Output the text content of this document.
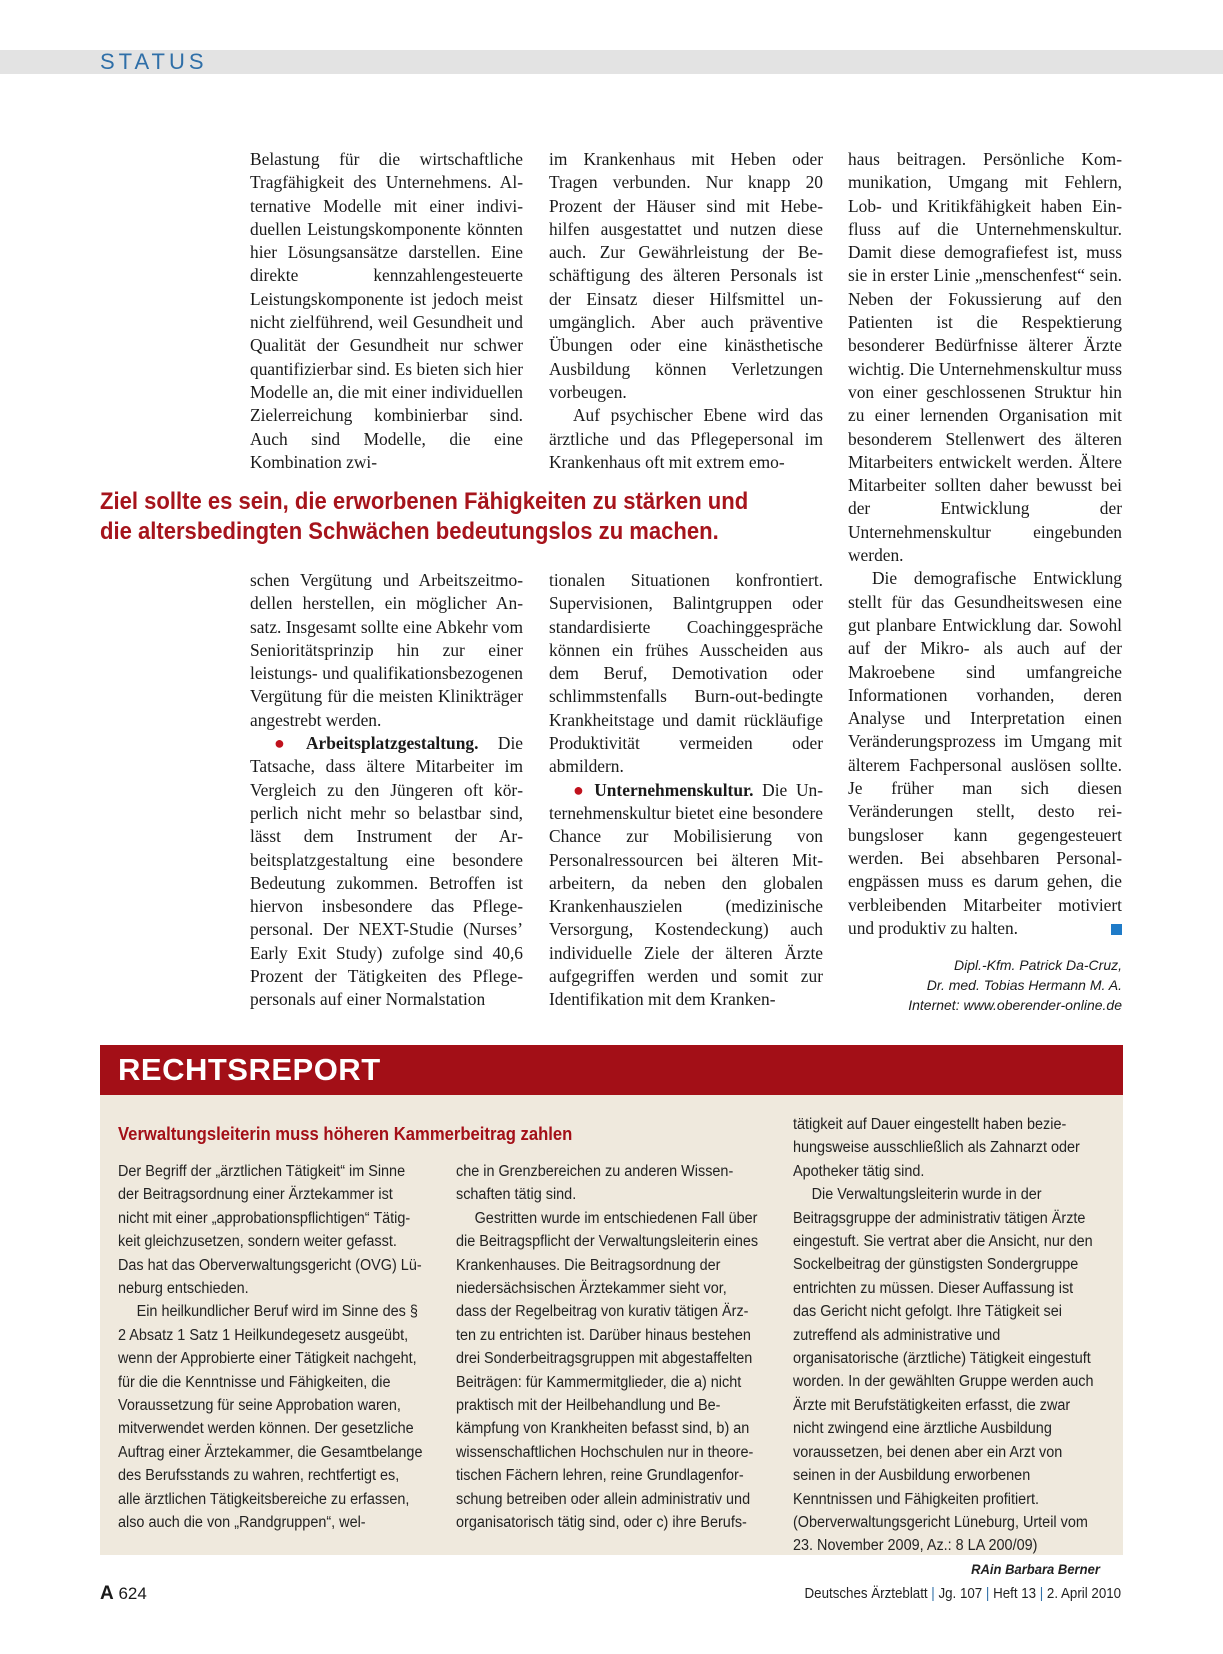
STATUS

Belastung für die wirtschaftliche Tragfähigkeit des Unternehmens. Alternative Modelle mit einer individuellen Leistungskomponente könnten hier Lösungsansätze darstellen. Eine direkte kennzahlengesteuerte Leistungskomponente ist jedoch meist nicht zielführend, weil Gesundheit und Qualität der Gesundheit nur schwer quantifizierbar sind. Es bieten sich hier Modelle an, die mit einer individuellen Zielerreichung kombinierbar sind. Auch sind Modelle, die eine Kombination zwi-

schen Vergütung und Arbeitszeitmodellen herstellen, ein möglicher Ansatz. Insgesamt sollte eine Abkehr vom Senioritätsprinzip hin zur einer leistungs- und qualifikationsbezogenen Vergütung für die meisten Klinikträger angestrebt werden.

● Arbeitsplatzgestaltung. Die Tatsache, dass ältere Mitarbeiter im Vergleich zu den Jüngeren oft körperlich nicht mehr so belastbar sind, lässt dem Instrument der Arbeitsplatzgestaltung eine besondere Bedeutung zukommen. Betroffen ist hiervon insbesondere das Pflegepersonal. Der NEXT-Studie (Nurses’ Early Exit Study) zufolge sind 40,6 Prozent der Tätigkeiten des Pflegepersonals auf einer Normalstation

im Krankenhaus mit Heben oder Tragen verbunden. Nur knapp 20 Prozent der Häuser sind mit Hebehilfen ausgestattet und nutzen diese auch. Zur Gewährleistung der Beschäftigung des älteren Personals ist der Einsatz dieser Hilfsmittel unumgänglich. Aber auch präventive Übungen oder eine kinästhetische Ausbildung können Verletzungen vorbeugen.

Auf psychischer Ebene wird das ärztliche und das Pflegepersonal im Krankenhaus oft mit extrem emo-

tionalen Situationen konfrontiert. Supervisionen, Balintgruppen oder standardisierte Coachinggespräche können ein frühes Ausscheiden aus dem Beruf, Demotivation oder schlimmstenfalls Burn-out-bedingte Krankheitstage und damit rückläufige Produktivität vermeiden oder abmildern.

● Unternehmenskultur. Die Unternehmenskultur bietet eine besondere Chance zur Mobilisierung von Personalressourcen bei älteren Mitarbeitern, da neben den globalen Krankenhauszielen (medizinische Versorgung, Kostendeckung) auch individuelle Ziele der älteren Ärzte aufgegriffen werden und somit zur Identifikation mit dem Kranken-

haus beitragen. Persönliche Kommunikation, Umgang mit Fehlern, Lob- und Kritikfähigkeit haben Einfluss auf die Unternehmenskultur. Damit diese demografiefest ist, muss sie in erster Linie „menschenfest“ sein. Neben der Fokussierung auf den Patienten ist die Respektierung besonderer Bedürfnisse älterer Ärzte wichtig. Die Unternehmenskultur muss von einer geschlossenen Struktur hin zu einer lernenden Organisation mit besonderem Stellenwert des älteren Mitarbeiters entwickelt werden. Ältere Mitarbeiter sollten daher bewusst bei der Entwicklung der Unternehmenskultur eingebunden werden.

Die demografische Entwicklung stellt für das Gesundheitswesen eine gut planbare Entwicklung dar. Sowohl auf der Mikro- als auch auf der Makroebene sind umfangreiche Informationen vorhanden, deren Analyse und Interpretation einen Veränderungsprozess im Umgang mit älterem Fachpersonal auslösen sollte. Je früher man sich diesen Veränderungen stellt, desto reibungsloser kann gegengesteuert werden. Bei absehbaren Personalengpässen muss es darum gehen, die verbleibenden Mitarbeiter motiviert und produktiv zu halten.

Ziel sollte es sein, die erworbenen Fähigkeiten zu stärken und die altersbedingten Schwächen bedeutungslos zu machen.
Dipl.-Kfm. Patrick Da-Cruz,
Dr. med. Tobias Hermann M. A.
Internet: www.oberender-online.de
RECHTSREPORT
Verwaltungsleiterin muss höheren Kammerbeitrag zahlen

Der Begriff der „ärztlichen Tätigkeit“ im Sinne der Beitragsordnung einer Ärztekammer ist nicht mit einer „approbationspflichtigen“ Tätigkeit gleichzusetzen, sondern weiter gefasst. Das hat das Oberverwaltungsgericht (OVG) Lüneburg entschieden.

Ein heilkundlicher Beruf wird im Sinne des § 2 Absatz 1 Satz 1 Heilkundegesetz ausgeübt, wenn der Approbierte einer Tätigkeit nachgeht, für die die Kenntnisse und Fähigkeiten, die Voraussetzung für seine Approbation waren, mitverwendet werden können. Der gesetzliche Auftrag einer Ärztekammer, die Gesamtbelange des Berufsstands zu wahren, rechtfertigt es, alle ärztlichen Tätigkeitsbereiche zu erfassen, also auch die von „Randgruppen“, wel-

che in Grenzbereichen zu anderen Wissenschaften tätig sind.

Gestritten wurde im entschiedenen Fall über die Beitragspflicht der Verwaltungsleiterin eines Krankenhauses. Die Beitragsordnung der niedersächsischen Ärztekammer sieht vor, dass der Regelbeitrag von kurativ tätigen Ärzten zu entrichten ist. Darüber hinaus bestehen drei Sonderbeitragsgruppen mit abgestaffelten Beiträgen: für Kammermitglieder, die a) nicht praktisch mit der Heilbehandlung und Bekämpfung von Krankheiten befasst sind, b) an wissenschaftlichen Hochschulen nur in theoretischen Fächern lehren, reine Grundlagenforschung betreiben oder allein administrativ und organisatorisch tätig sind, oder c) ihre Berufs-

tätigkeit auf Dauer eingestellt haben beziehungsweise ausschließlich als Zahnarzt oder Apotheker tätig sind.

Die Verwaltungsleiterin wurde in der Beitragsgruppe der administrativ tätigen Ärzte eingestuft. Sie vertrat aber die Ansicht, nur den Sockelbeitrag der günstigsten Sondergruppe entrichten zu müssen. Dieser Auffassung ist das Gericht nicht gefolgt. Ihre Tätigkeit sei zutreffend als administrative und organisatorische (ärztliche) Tätigkeit eingestuft worden. In der gewählten Gruppe werden auch Ärzte mit Berufstätigkeiten erfasst, die zwar nicht zwingend eine ärztliche Ausbildung voraussetzen, bei denen aber ein Arzt von seinen in der Ausbildung erworbenen Kenntnissen und Fähigkeiten profitiert. (Oberverwaltungsgericht Lüneburg, Urteil vom 23. November 2009, Az.: 8 LA 200/09)
RAin Barbara Berner

A 624	Deutsches Ärzteblatt | Jg. 107 | Heft 13 | 2. April 2010
